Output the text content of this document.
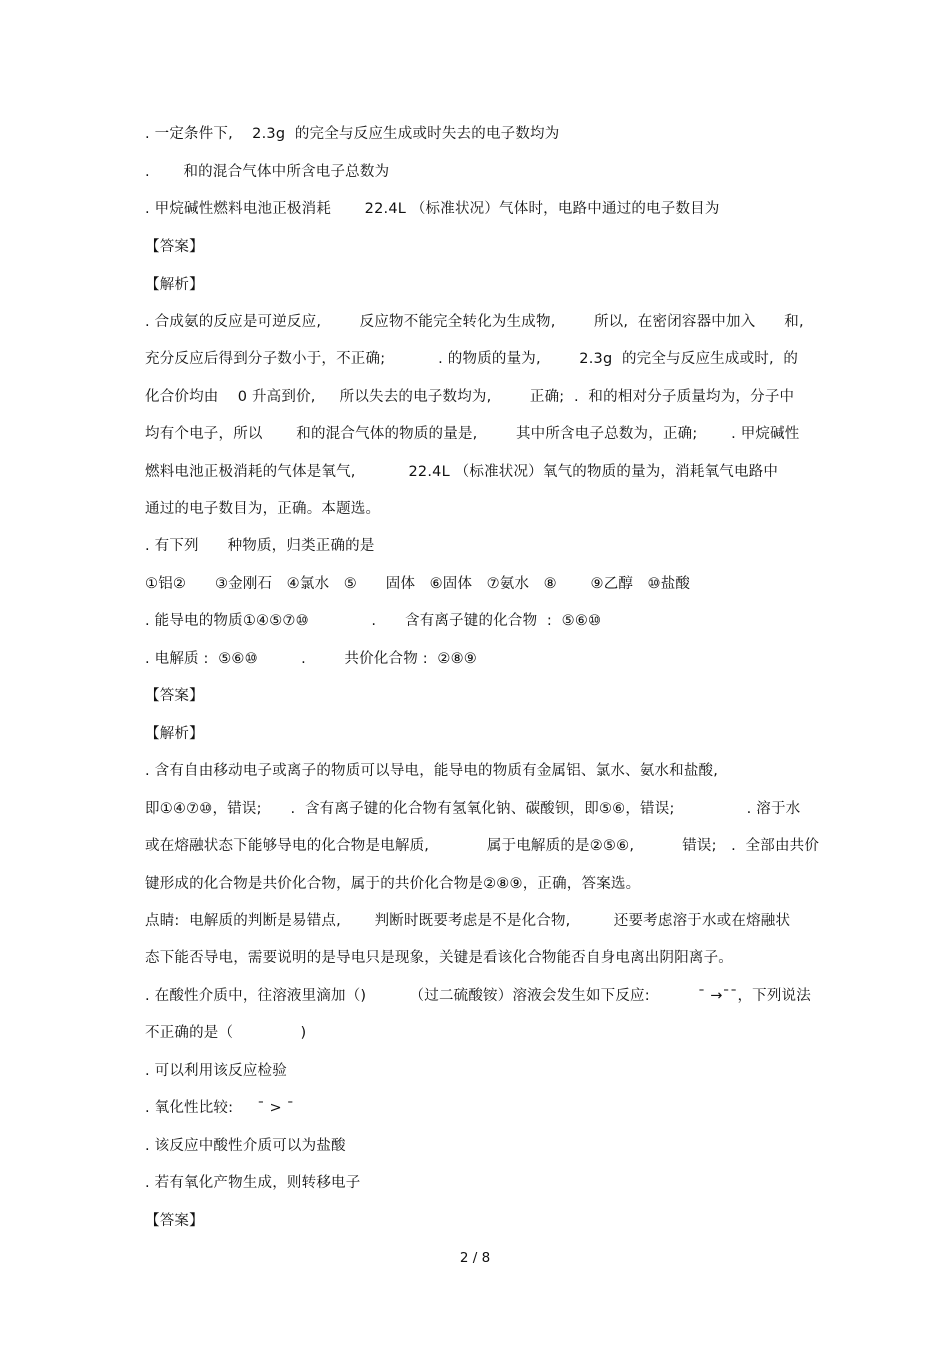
. 一定条件下,    2.3g  的完全与反应生成或时失去的电子数均为
.       和的混合气体中所含电子总数为
. 甲烷碱性燃料电池正极消耗       22.4L （标准状况）气体时，电路中通过的电子数目为
【答案】
【解析】
. 合成氨的反应是可逆反应,        反应物不能完全转化为生成物,        所以,  在密闭容器中加入      和,
充分反应后得到分子数小于，不正确;           . 的物质的量为,        2.3g  的完全与反应生成或时,  的
化合价均由    0 升高到价,     所以失去的电子数均为,        正确;  .  和的相对分子质量均为，分子中
均有个电子，所以       和的混合气体的物质的量是,        其中所含电子总数为，正确;       . 甲烷碱性
燃料电池正极消耗的气体是氧气,           22.4L （标准状况）氧气的物质的量为，消耗氧气电路中
通过的电子数目为，正确。本题选。
. 有下列      种物质，归类正确的是
①铝②      ③金刚石   ④氯水   ⑤      固体   ⑥固体   ⑦氨水   ⑧       ⑨乙醇   ⑩盐酸
. 能导电的物质①④⑤⑦⑩             .      含有离子键的化合物  :  ⑤⑥⑩
. 电解质 :  ⑤⑥⑩         .        共价化合物 :  ②⑧⑨
【答案】
【解析】
. 含有自由移动电子或离子的物质可以导电，能导电的物质有金属铝、氯水、氨水和盐酸,
即①④⑦⑩，错误;      .  含有离子键的化合物有氢氧化钠、碳酸钡，即⑤⑥，错误;               . 溶于水
或在熔融状态下能够导电的化合物是电解质,            属于电解质的是②⑤⑥,          错误;   .  全部由共价
键形成的化合物是共价化合物，属于的共价化合物是②⑧⑨，正确，答案选。
点睛:  电解质的判断是易错点,       判断时既要考虑是不是化合物,         还要考虑溶于水或在熔融状
态下能否导电，需要说明的是导电只是现象，关键是看该化合物能否自身电离出阴阳离子。
. 在酸性介质中，往溶液里滴加（)         （过二硫酸铵）溶液会发生如下反应:          ˉ →ˉˉ，下列说法
不正确的是（              )
. 可以利用该反应检验
. 氧化性比较:     ˉ > ˉ
. 该反应中酸性介质可以为盐酸
. 若有氧化产物生成，则转移电子
【答案】
2 / 8
